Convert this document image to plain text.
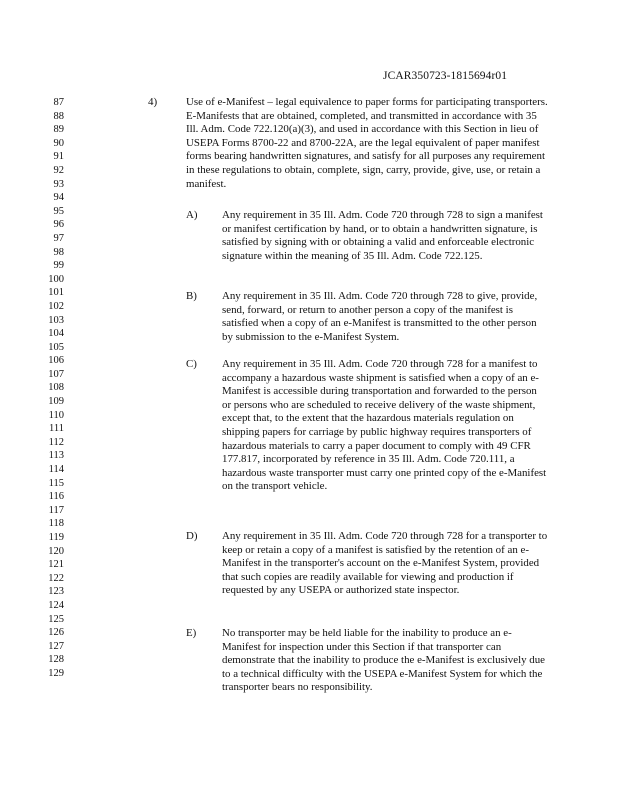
JCAR350723-1815694r01
87
88
89
90
91
92
93
94
95
96
97
98
99
100
101
102
103
104
105
106
107
108
109
110
111
112
113
114
115
116
117
118
119
120
121
122
123
124
125
126
127
128
129
4)	Use of e-Manifest – legal equivalence to paper forms for participating transporters. E-Manifests that are obtained, completed, and transmitted in accordance with 35 Ill. Adm. Code 722.120(a)(3), and used in accordance with this Section in lieu of USEPA Forms 8700-22 and 8700-22A, are the legal equivalent of paper manifest forms bearing handwritten signatures, and satisfy for all purposes any requirement in these regulations to obtain, complete, sign, carry, provide, give, use, or retain a manifest.

A) Any requirement in 35 Ill. Adm. Code 720 through 728 to sign a manifest or manifest certification by hand, or to obtain a handwritten signature, is satisfied by signing with or obtaining a valid and enforceable electronic signature within the meaning of 35 Ill. Adm. Code 722.125.

B) Any requirement in 35 Ill. Adm. Code 720 through 728 to give, provide, send, forward, or return to another person a copy of the manifest is satisfied when a copy of an e-Manifest is transmitted to the other person by submission to the e-Manifest System.

C) Any requirement in 35 Ill. Adm. Code 720 through 728 for a manifest to accompany a hazardous waste shipment is satisfied when a copy of an e-Manifest is accessible during transportation and forwarded to the person or persons who are scheduled to receive delivery of the waste shipment, except that, to the extent that the hazardous materials regulation on shipping papers for carriage by public highway requires transporters of hazardous materials to carry a paper document to comply with 49 CFR 177.817, incorporated by reference in 35 Ill. Adm. Code 720.111, a hazardous waste transporter must carry one printed copy of the e-Manifest on the transport vehicle.

D) Any requirement in 35 Ill. Adm. Code 720 through 728 for a transporter to keep or retain a copy of a manifest is satisfied by the retention of an e-Manifest in the transporter's account on the e-Manifest System, provided that such copies are readily available for viewing and production if requested by any USEPA or authorized state inspector.

E) No transporter may be held liable for the inability to produce an e-Manifest for inspection under this Section if that transporter can demonstrate that the inability to produce the e-Manifest is exclusively due to a technical difficulty with the USEPA e-Manifest System for which the transporter bears no responsibility.
